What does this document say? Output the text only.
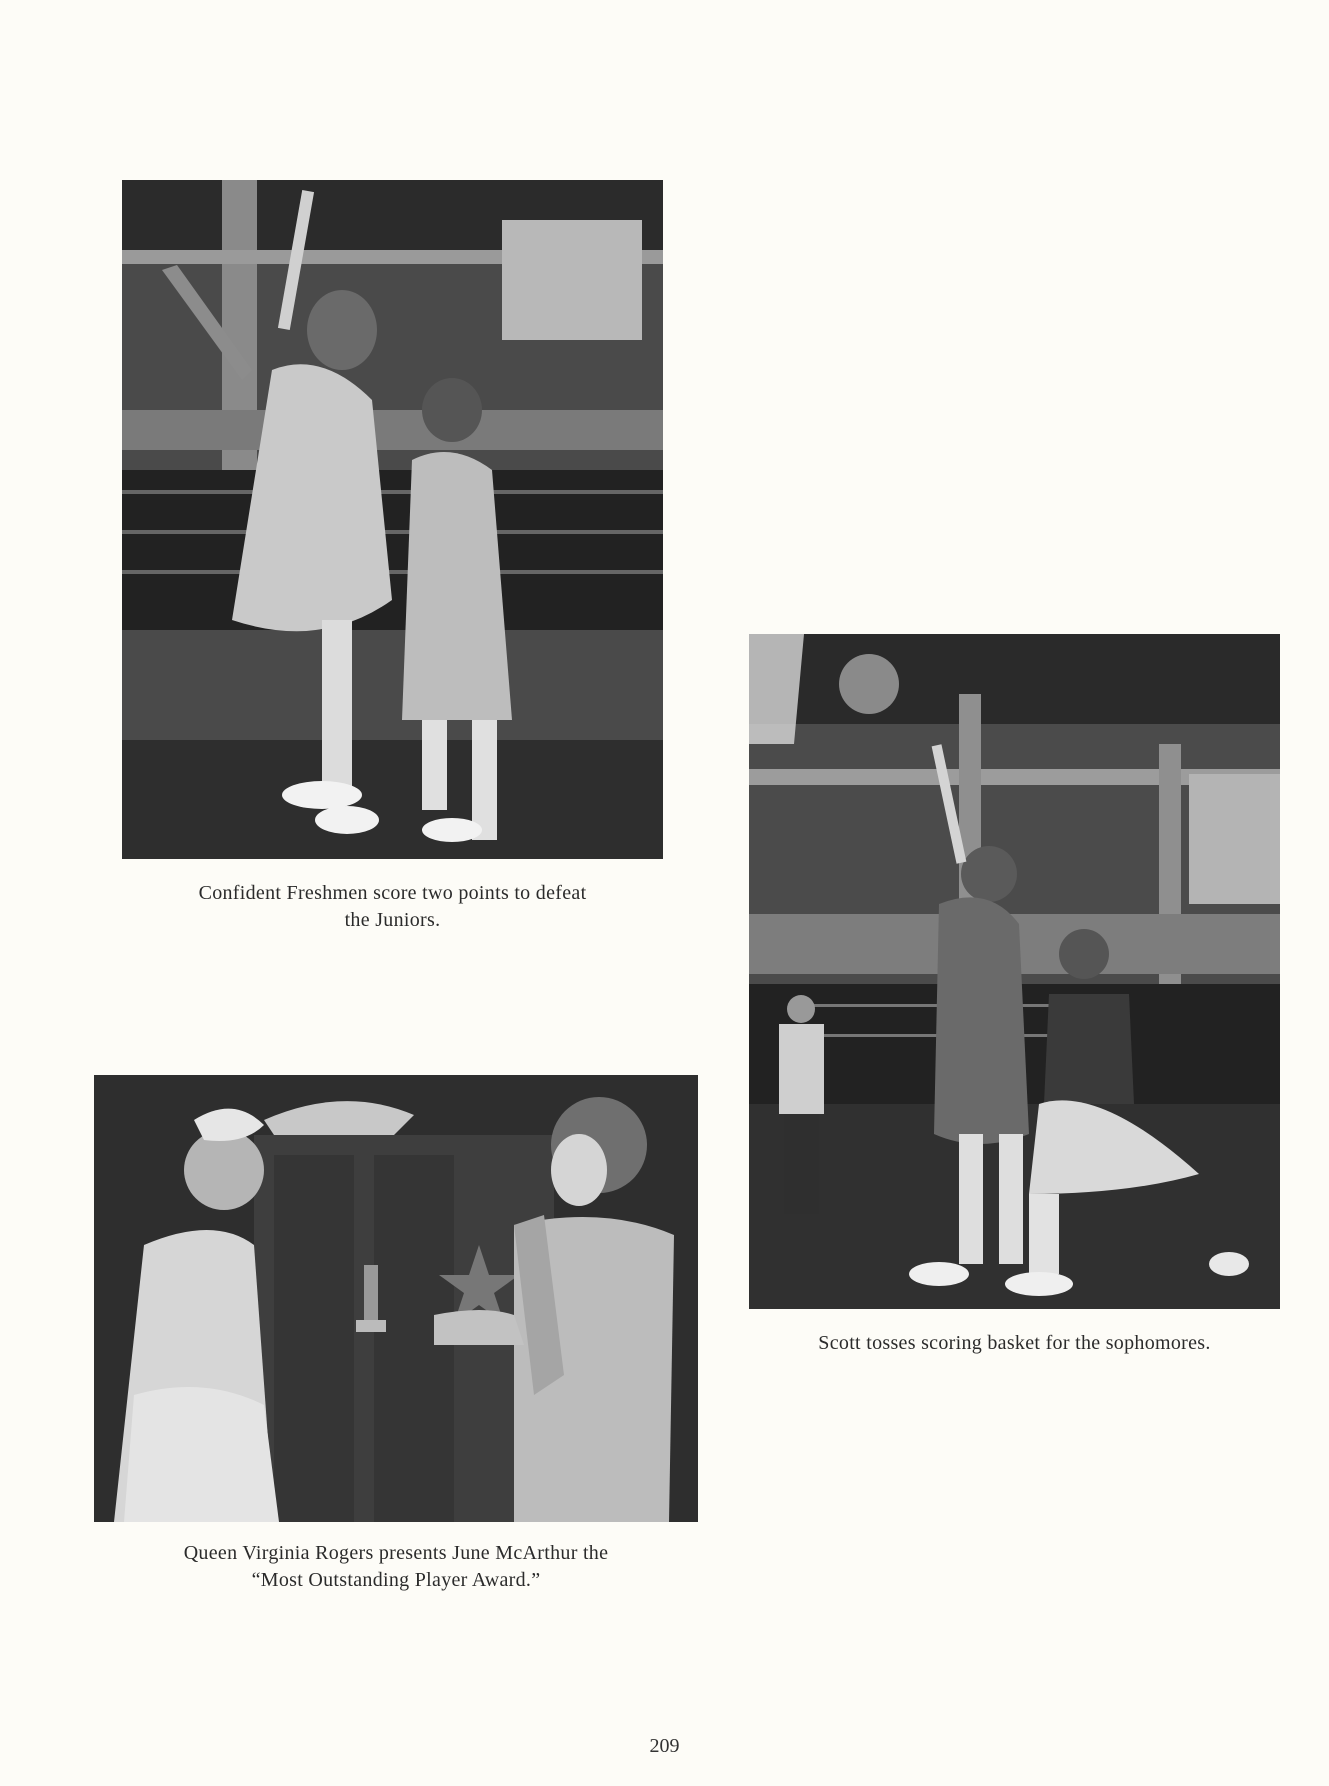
Confident Freshmen score two points to defeat
the Juniors.
Scott tosses scoring basket for the sophomores.
Queen Virginia Rogers presents June McArthur the
“Most Outstanding Player Award.”
209
